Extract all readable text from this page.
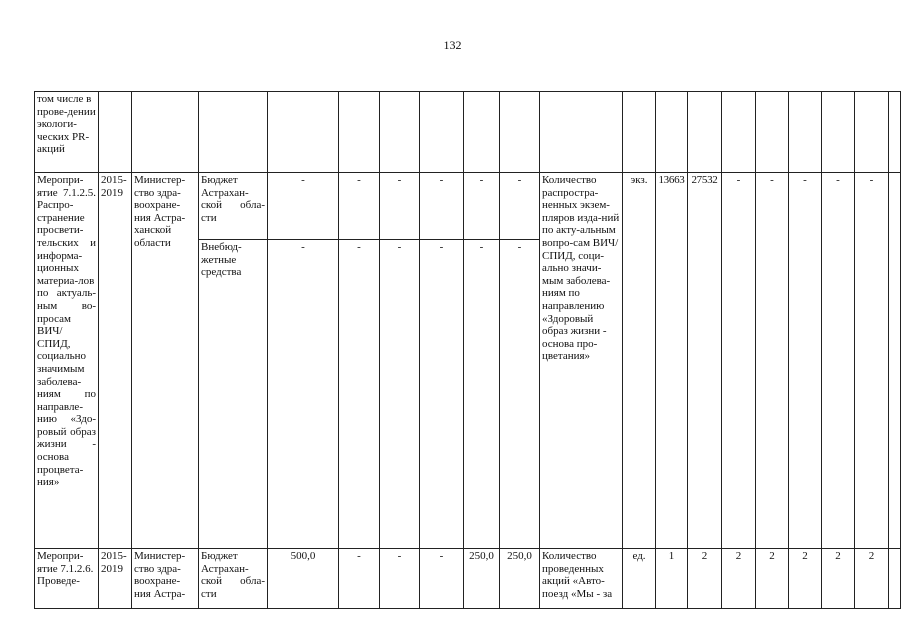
132
том числе в прове-дении экологи-ческих PR-акций																			
Меропри-ятие 7.1.2.5. Распро-странение просвети-тельских и информа-ционных материа-лов по актуаль-ным во-просам ВИЧ/ СПИД, социально значимым заболева-ниям по направле-нию «Здо-ровый образ жизни - основа процвета-ния»	2015-2019	Министер-ство здра-воохране-ния Астра-ханской области	Бюджет Астрахан-ской обла-сти	-	-	-	-	-	-	Количество распростра-ненных экзем-пляров изда-ний по акту-альным вопро-сам ВИЧ/ СПИД, соци-ально значи-мым заболева-ниям по направлению «Здоровый образ жизни - основа про-цветания»	экз.	13663	27532	-	-	-	-	-	
			Внебюд-жетные средства	-	-	-	-	-	-										
Меропри-ятие 7.1.2.6. Проведе-	2015-2019	Министер-ство здра-воохране-ния Астра-	Бюджет Астрахан-ской обла-сти	500,0	-	-	-	250,0	250,0	Количество проведенных акций «Авто-поезд «Мы - за	ед.	1	2	2	2	2	2	2	
